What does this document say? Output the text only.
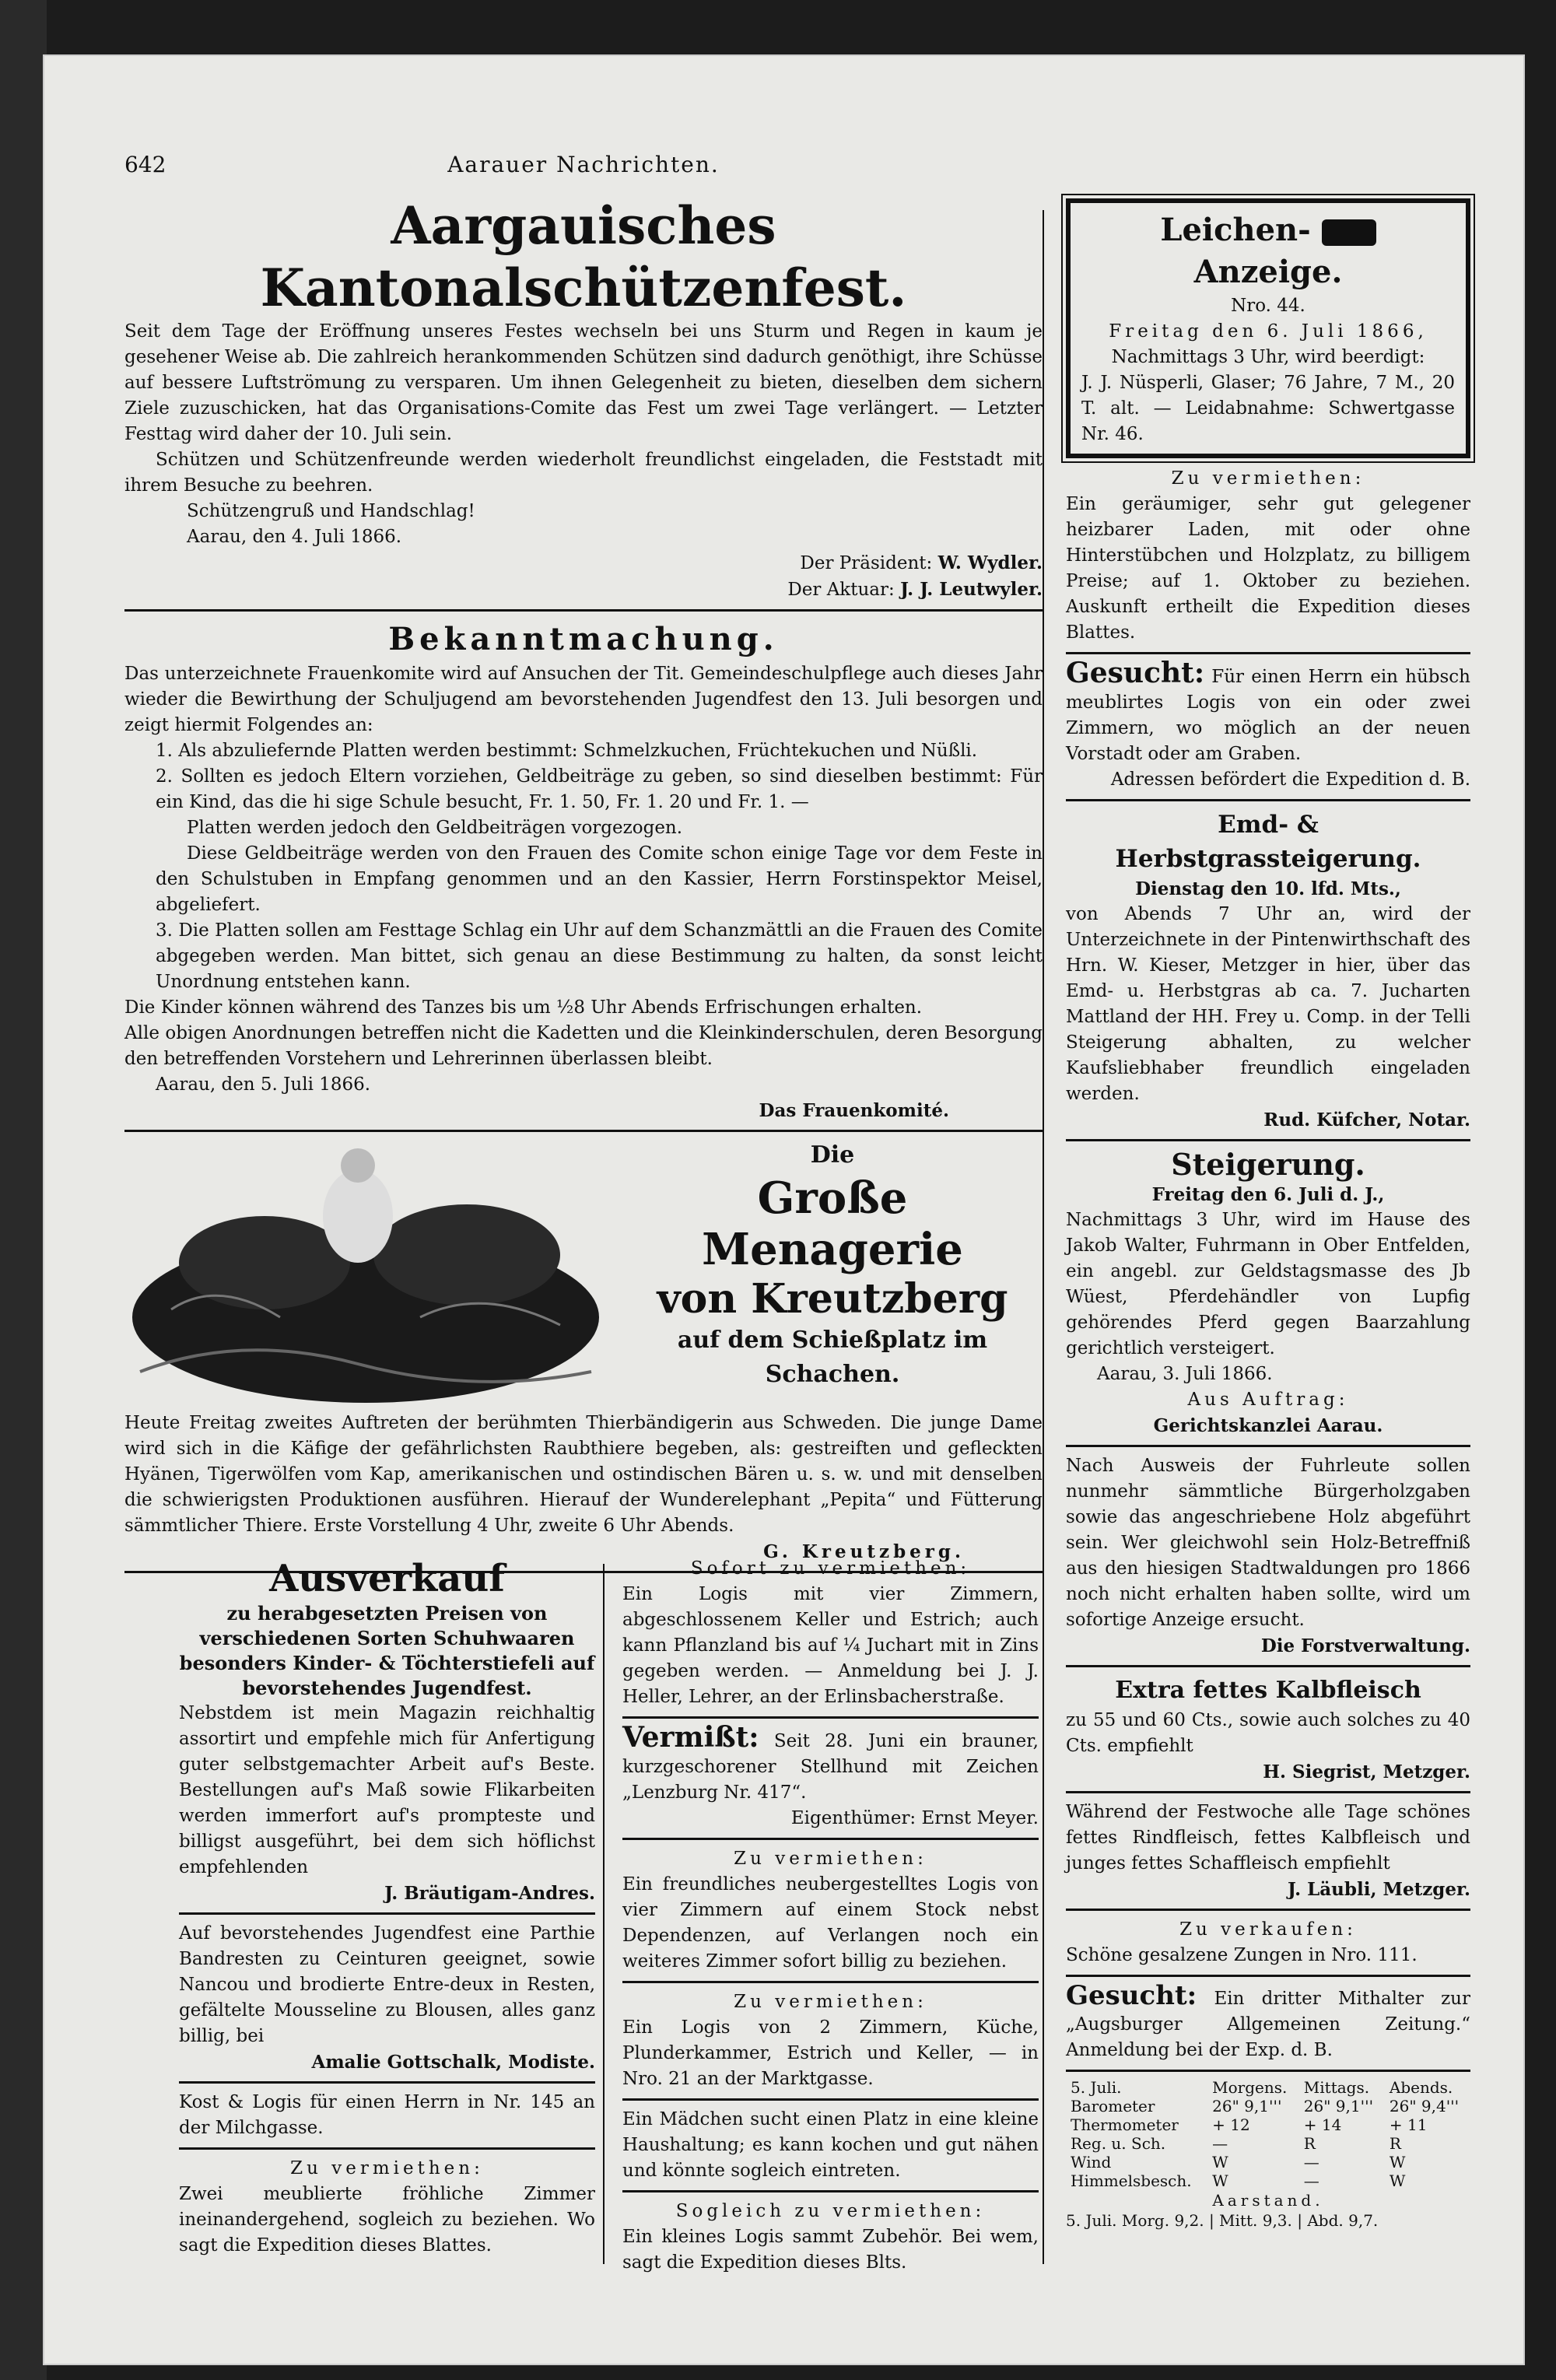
642	Aarauer Nachrichten.
Aargauisches Kantonalschützenfest.

Seit dem Tage der Eröffnung unseres Festes wechseln bei uns Sturm und Regen in kaum je gesehener Weise ab. Die zahlreich herankommenden Schützen sind dadurch genöthigt, ihre Schüsse auf bessere Luftströmung zu versparen. Um ihnen Gelegenheit zu bieten, dieselben dem sichern Ziele zuzuschicken, hat das Organisations-Comite das Fest um zwei Tage verlängert. — Letzter Festtag wird daher der 10. Juli sein.

Schützen und Schützenfreunde werden wiederholt freundlichst eingeladen, die Feststadt mit ihrem Besuche zu beehren.

Schützengruß und Handschlag!

Aarau, den 4. Juli 1866.

Der Präsident: W. Wydler.

Der Aktuar: J. J. Leutwyler.

Bekanntmachung.

Das unterzeichnete Frauenkomite wird auf Ansuchen der Tit. Gemeindeschulpflege auch dieses Jahr wieder die Bewirthung der Schuljugend am bevorstehenden Jugendfest den 13. Juli besorgen und zeigt hiermit Folgendes an:

1. Als abzuliefernde Platten werden bestimmt: Schmelzkuchen, Früchtekuchen und Nüßli.

2. Sollten es jedoch Eltern vorziehen, Geldbeiträge zu geben, so sind dieselben bestimmt: Für ein Kind, das die hi sige Schule besucht, Fr. 1. 50, Fr. 1. 20 und Fr. 1. —

Platten werden jedoch den Geldbeiträgen vorgezogen.

Diese Geldbeiträge werden von den Frauen des Comite schon einige Tage vor dem Feste in den Schulstuben in Empfang genommen und an den Kassier, Herrn Forstinspektor Meisel, abgeliefert.

3. Die Platten sollen am Festtage Schlag ein Uhr auf dem Schanzmättli an die Frauen des Comite abgegeben werden. Man bittet, sich genau an diese Bestimmung zu halten, da sonst leicht Unordnung entstehen kann.

Die Kinder können während des Tanzes bis um ½8 Uhr Abends Erfrischungen erhalten.

Alle obigen Anordnungen betreffen nicht die Kadetten und die Kleinkinderschulen, deren Besorgung den betreffenden Vorstehern und Lehrerinnen überlassen bleibt.

Aarau, den 5. Juli 1866.

Das Frauenkomité.

Die
Große Menagerie
von Kreutzberg
auf dem Schießplatz im Schachen.

Heute Freitag zweites Auftreten der berühmten Thierbändigerin aus Schweden. Die junge Dame wird sich in die Käfige der gefährlichsten Raubthiere begeben, als: gestreiften und gefleckten Hyänen, Tigerwölfen vom Kap, amerikanischen und ostindischen Bären u. s. w. und mit denselben die schwierigsten Produktionen ausführen. Hierauf der Wunderelephant „Pepita“ und Fütterung sämmtlicher Thiere. Erste Vorstellung 4 Uhr, zweite 6 Uhr Abends.

G. Kreutzberg.

Ausverkauf

zu herabgesetzten Preisen von verschiedenen Sorten Schuhwaaren besonders Kinder- & Töchterstiefeli auf bevorstehendes Jugendfest.

Nebstdem ist mein Magazin reichhaltig assortirt und empfehle mich für Anfertigung guter selbstgemachter Arbeit auf's Beste. Bestellungen auf's Maß sowie Flikarbeiten werden immerfort auf's prompteste und billigst ausgeführt, bei dem sich höflichst empfehlenden

J. Bräutigam-Andres.

Auf bevorstehendes Jugendfest eine Parthie Bandresten zu Ceinturen geeignet, sowie Nancou und brodierte Entre-deux in Resten, gefältelte Mousseline zu Blousen, alles ganz billig, bei

Amalie Gottschalk, Modiste.

Kost & Logis für einen Herrn in Nr. 145 an der Milchgasse.

Zu vermiethen:

Zwei meublierte fröhliche Zimmer ineinandergehend, sogleich zu beziehen. Wo sagt die Expedition dieses Blattes.

Sofort zu vermiethen:

Ein Logis mit vier Zimmern, abgeschlossenem Keller und Estrich; auch kann Pflanzland bis auf ¼ Juchart mit in Zins gegeben werden. — Anmeldung bei J. J. Heller, Lehrer, an der Erlinsbacherstraße.

Vermißt: Seit 28. Juni ein brauner, kurzgeschorener Stellhund mit Zeichen „Lenzburg Nr. 417“.

Eigenthümer: Ernst Meyer.

Zu vermiethen:

Ein freundliches neubergestelltes Logis von vier Zimmern auf einem Stock nebst Dependenzen, auf Verlangen noch ein weiteres Zimmer sofort billig zu beziehen.

Zu vermiethen:

Ein Logis von 2 Zimmern, Küche, Plunderkammer, Estrich und Keller, — in Nro. 21 an der Marktgasse.

Ein Mädchen sucht einen Platz in eine kleine Haushaltung; es kann kochen und gut nähen und könnte sogleich eintreten.

Sogleich zu vermiethen:

Ein kleines Logis sammt Zubehör. Bei wem, sagt die Expedition dieses Blts.

Leichen-  Anzeige.

Nro. 44.

Freitag den 6. Juli 1866,

Nachmittags 3 Uhr, wird beerdigt:

J. J. Nüsperli, Glaser; 76 Jahre, 7 M., 20 T. alt. — Leidabnahme: Schwertgasse Nr. 46.

Zu vermiethen:

Ein geräumiger, sehr gut gelegener heizbarer Laden, mit oder ohne Hinterstübchen und Holzplatz, zu billigem Preise; auf 1. Oktober zu beziehen. Auskunft ertheilt die Expedition dieses Blattes.

Gesucht: Für einen Herrn ein hübsch meublirtes Logis von ein oder zwei Zimmern, wo möglich an der neuen Vorstadt oder am Graben.

Adressen befördert die Expedition d. B.

Emd- & Herbstgrassteigerung.

Dienstag den 10. lfd. Mts.,

von Abends 7 Uhr an, wird der Unterzeichnete in der Pintenwirthschaft des Hrn. W. Kieser, Metzger in hier, über das Emd- u. Herbstgras ab ca. 7. Jucharten Mattland der HH. Frey u. Comp. in der Telli Steigerung abhalten, zu welcher Kaufsliebhaber freundlich eingeladen werden.

Rud. Küfcher, Notar.

Steigerung.

Freitag den 6. Juli d. J.,

Nachmittags 3 Uhr, wird im Hause des Jakob Walter, Fuhrmann in Ober Entfelden, ein angebl. zur Geldstagsmasse des Jb Wüest, Pferdehändler von Lupfig gehörendes Pferd gegen Baarzahlung gerichtlich versteigert.

Aarau, 3. Juli 1866.

Aus Auftrag:

Gerichtskanzlei Aarau.

Nach Ausweis der Fuhrleute sollen nunmehr sämmtliche Bürgerholzgaben sowie das angeschriebene Holz abgeführt sein. Wer gleichwohl sein Holz-Betreffniß aus den hiesigen Stadtwaldungen pro 1866 noch nicht erhalten haben sollte, wird um sofortige Anzeige ersucht.

Die Forstverwaltung.

Extra fettes Kalbfleisch

zu 55 und 60 Cts., sowie auch solches zu 40 Cts. empfiehlt

H. Siegrist, Metzger.

Während der Festwoche alle Tage schönes fettes Rindfleisch, fettes Kalbfleisch und junges fettes Schaffleisch empfiehlt

J. Läubli, Metzger.

Zu verkaufen:

Schöne gesalzene Zungen in Nro. 111.

Gesucht: Ein dritter Mithalter zur „Augsburger Allgemeinen Zeitung.“ Anmeldung bei der Exp. d. B.

5. Juli.	Morgens.	Mittags.	Abends.
Barometer	26" 9,1'''	26" 9,1'''	26" 9,4'''
Thermometer	+ 12	+ 14	+ 11
Reg. u. Sch.	—	R	R
Wind	W	—	W
Himmelsbesch.	W	—	W

Aarstand.

5. Juli. Morg. 9,2. | Mitt. 9,3. | Abd. 9,7.
